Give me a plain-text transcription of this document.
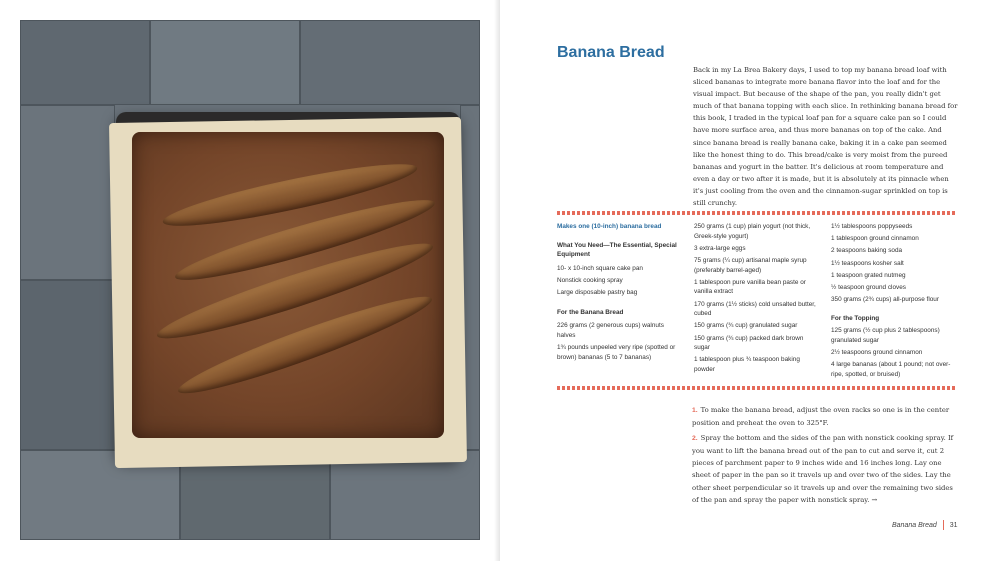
Banana Bread

Back in my La Brea Bakery days, I used to top my banana bread loaf with sliced bananas to integrate more banana flavor into the loaf and for the visual impact. But because of the shape of the pan, you really didn't get much of that banana topping with each slice. In rethinking banana bread for this book, I traded in the typical loaf pan for a square cake pan so I could have more surface area, and thus more bananas on top of the cake. And since banana bread is really banana cake, baking it in a cake pan seemed like the honest thing to do. This bread/cake is very moist from the pureed bananas and yogurt in the batter. It's delicious at room temperature and even a day or two after it is made, but it is absolutely at its pinnacle when it's just cooling from the oven and the cinnamon-sugar sprinkled on top is still crunchy.

Makes one (10-inch) banana bread
What You Need—The Essential, Special Equipment
10- x 10-inch square cake pan
Nonstick cooking spray
Large disposable pastry bag
For the Banana Bread
226 grams (2 generous cups) walnuts halves
1¾ pounds unpeeled very ripe (spotted or brown) bananas (5 to 7 bananas)
250 grams (1 cup) plain yogurt (not thick, Greek-style yogurt)
3 extra-large eggs
75 grams (¼ cup) artisanal maple syrup (preferably barrel-aged)
1 tablespoon pure vanilla bean paste or vanilla extract
170 grams (1½ sticks) cold unsalted butter, cubed
150 grams (¾ cup) granulated sugar
150 grams (¾ cup) packed dark brown sugar
1 tablespoon plus ¾ teaspoon baking powder
1½ tablespoons poppyseeds
1 tablespoon ground cinnamon
2 teaspoons baking soda
1½ teaspoons kosher salt
1 teaspoon grated nutmeg
½ teaspoon ground cloves
350 grams (2¾ cups) all-purpose flour
For the Topping
125 grams (½ cup plus 2 tablespoons) granulated sugar
2½ teaspoons ground cinnamon
4 large bananas (about 1 pound; not over-ripe, spotted, or bruised)
1. To make the banana bread, adjust the oven racks so one is in the center position and preheat the oven to 325°F.
2. Spray the bottom and the sides of the pan with nonstick cooking spray. If you want to lift the banana bread out of the pan to cut and serve it, cut 2 pieces of parchment paper to 9 inches wide and 16 inches long. Lay one sheet of paper in the pan so it travels up and over two of the sides. Lay the other sheet perpendicular so it travels up and over the remaining two sides of the pan and spray the paper with nonstick spray. →
Banana Bread 31
